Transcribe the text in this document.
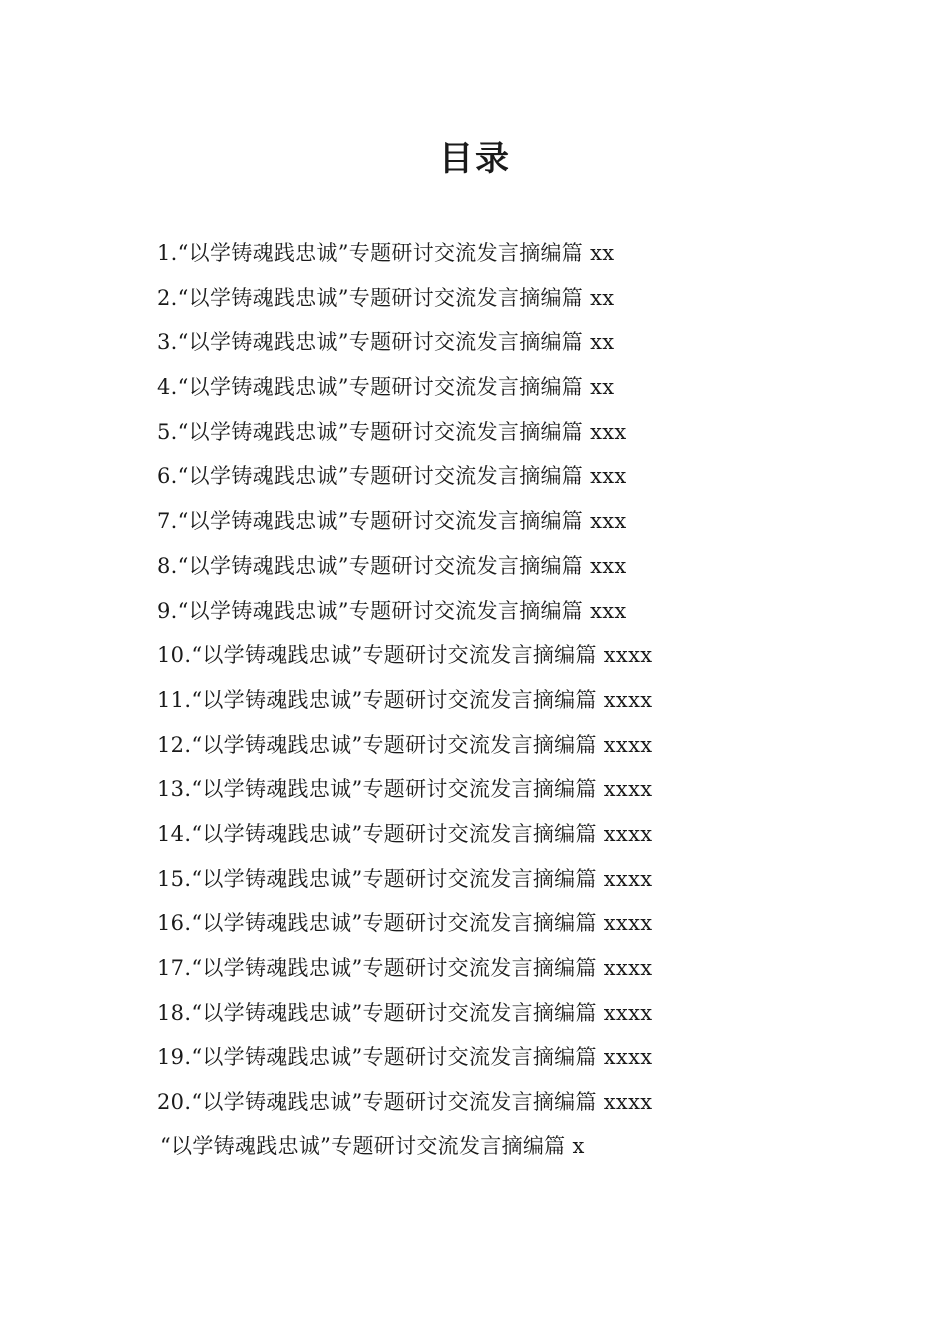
目录
1.“以学铸魂践忠诚”专题研讨交流发言摘编篇 xx
2.“以学铸魂践忠诚”专题研讨交流发言摘编篇 xx
3.“以学铸魂践忠诚”专题研讨交流发言摘编篇 xx
4.“以学铸魂践忠诚”专题研讨交流发言摘编篇 xx
5.“以学铸魂践忠诚”专题研讨交流发言摘编篇 xxx
6.“以学铸魂践忠诚”专题研讨交流发言摘编篇 xxx
7.“以学铸魂践忠诚”专题研讨交流发言摘编篇 xxx
8.“以学铸魂践忠诚”专题研讨交流发言摘编篇 xxx
9.“以学铸魂践忠诚”专题研讨交流发言摘编篇 xxx
10.“以学铸魂践忠诚”专题研讨交流发言摘编篇 xxxx
11.“以学铸魂践忠诚”专题研讨交流发言摘编篇 xxxx
12.“以学铸魂践忠诚”专题研讨交流发言摘编篇 xxxx
13.“以学铸魂践忠诚”专题研讨交流发言摘编篇 xxxx
14.“以学铸魂践忠诚”专题研讨交流发言摘编篇 xxxx
15.“以学铸魂践忠诚”专题研讨交流发言摘编篇 xxxx
16.“以学铸魂践忠诚”专题研讨交流发言摘编篇 xxxx
17.“以学铸魂践忠诚”专题研讨交流发言摘编篇 xxxx
18.“以学铸魂践忠诚”专题研讨交流发言摘编篇 xxxx
19.“以学铸魂践忠诚”专题研讨交流发言摘编篇 xxxx
20.“以学铸魂践忠诚”专题研讨交流发言摘编篇 xxxx
“以学铸魂践忠诚”专题研讨交流发言摘编篇 x
